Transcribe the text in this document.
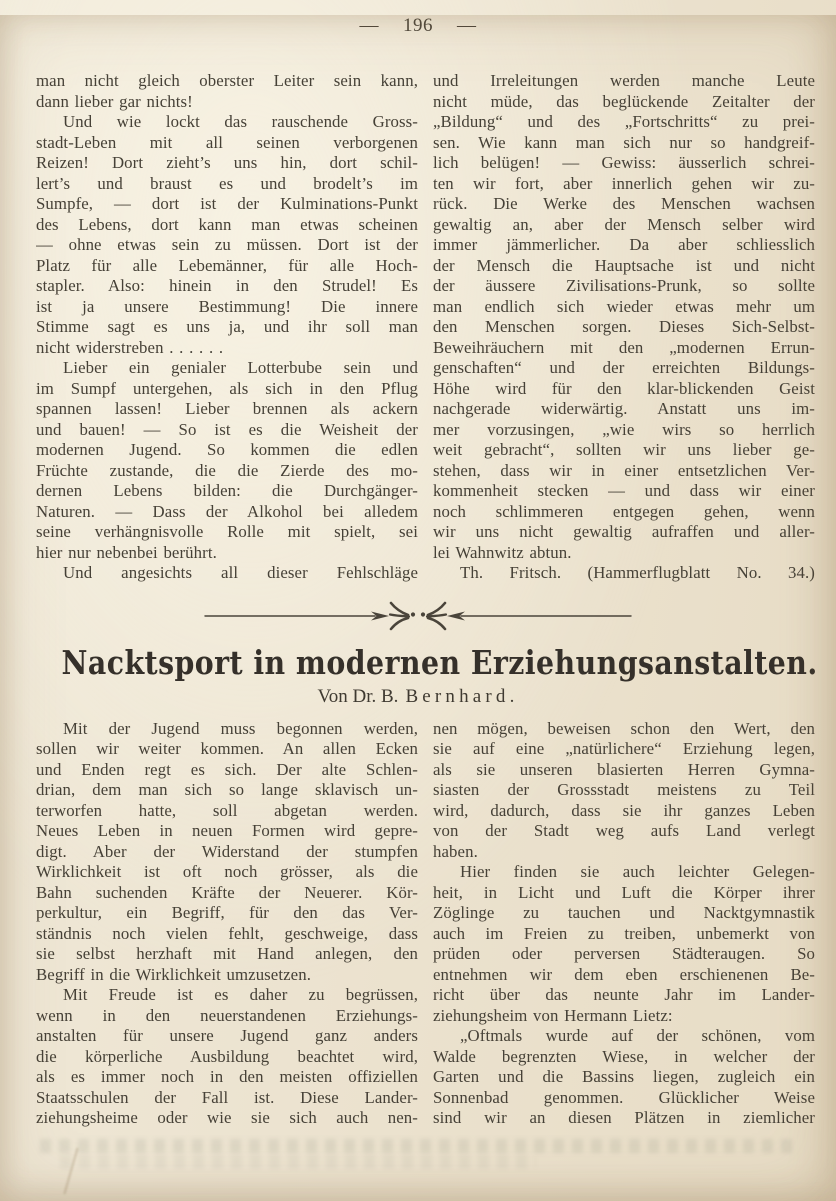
— 196 —
man nicht gleich oberster Leiter sein kann,
dann lieber gar nichts!
Und wie lockt das rauschende Gross-
stadt-Leben mit all seinen verborgenen
Reizen! Dort zieht’s uns hin, dort schil-
lert’s und braust es und brodelt’s im
Sumpfe, — dort ist der Kulminations-Punkt
des Lebens, dort kann man etwas scheinen
— ohne etwas sein zu müssen. Dort ist der
Platz für alle Lebemänner, für alle Hoch-
stapler. Also: hinein in den Strudel! Es
ist ja unsere Bestimmung! Die innere
Stimme sagt es uns ja, und ihr soll man
nicht widerstreben . . . . . .
Lieber ein genialer Lotterbube sein und
im Sumpf untergehen, als sich in den Pflug
spannen lassen! Lieber brennen als ackern
und bauen! — So ist es die Weisheit der
modernen Jugend. So kommen die edlen
Früchte zustande, die die Zierde des mo-
dernen Lebens bilden: die Durchgänger-
Naturen. — Dass der Alkohol bei alledem
seine verhängnisvolle Rolle mit spielt, sei
hier nur nebenbei berührt.
Und angesichts all dieser Fehlschläge
und Irreleitungen werden manche Leute
nicht müde, das beglückende Zeitalter der
„Bildung“ und des „Fortschritts“ zu prei-
sen. Wie kann man sich nur so handgreif-
lich belügen! — Gewiss: äusserlich schrei-
ten wir fort, aber innerlich gehen wir zu-
rück. Die Werke des Menschen wachsen
gewaltig an, aber der Mensch selber wird
immer jämmerlicher. Da aber schliesslich
der Mensch die Hauptsache ist und nicht
der äussere Zivilisations-Prunk, so sollte
man endlich sich wieder etwas mehr um
den Menschen sorgen. Dieses Sich-Selbst-
Beweihräuchern mit den „modernen Errun-
genschaften“ und der erreichten Bildungs-
Höhe wird für den klar-blickenden Geist
nachgerade widerwärtig. Anstatt uns im-
mer vorzusingen, „wie wirs so herrlich
weit gebracht“, sollten wir uns lieber ge-
stehen, dass wir in einer entsetzlichen Ver-
kommenheit stecken — und dass wir einer
noch schlimmeren entgegen gehen, wenn
wir uns nicht gewaltig aufraffen und aller-
lei Wahnwitz abtun.
Th. Fritsch. (Hammerflugblatt No. 34.)
Nacktsport in modernen Erziehungsanstalten.
Von Dr. B. Bernhard.
Mit der Jugend muss begonnen werden,
sollen wir weiter kommen. An allen Ecken
und Enden regt es sich. Der alte Schlen-
drian, dem man sich so lange sklavisch un-
terworfen hatte, soll abgetan werden.
Neues Leben in neuen Formen wird gepre-
digt. Aber der Widerstand der stumpfen
Wirklichkeit ist oft noch grösser, als die
Bahn suchenden Kräfte der Neuerer. Kör-
perkultur, ein Begriff, für den das Ver-
ständnis noch vielen fehlt, geschweige, dass
sie selbst herzhaft mit Hand anlegen, den
Begriff in die Wirklichkeit umzusetzen.
Mit Freude ist es daher zu begrüssen,
wenn in den neuerstandenen Erziehungs-
anstalten für unsere Jugend ganz anders
die körperliche Ausbildung beachtet wird,
als es immer noch in den meisten offiziellen
Staatsschulen der Fall ist. Diese Lander-
ziehungsheime oder wie sie sich auch nen-
nen mögen, beweisen schon den Wert, den
sie auf eine „natürlichere“ Erziehung legen,
als sie unseren blasierten Herren Gymna-
siasten der Grossstadt meistens zu Teil
wird, dadurch, dass sie ihr ganzes Leben
von der Stadt weg aufs Land verlegt
haben.
Hier finden sie auch leichter Gelegen-
heit, in Licht und Luft die Körper ihrer
Zöglinge zu tauchen und Nacktgymnastik
auch im Freien zu treiben, unbemerkt von
prüden oder perversen Städteraugen. So
entnehmen wir dem eben erschienenen Be-
richt über das neunte Jahr im Lander-
ziehungsheim von Hermann Lietz:
„Oftmals wurde auf der schönen, vom
Walde begrenzten Wiese, in welcher der
Garten und die Bassins liegen, zugleich ein
Sonnenbad genommen. Glücklicher Weise
sind wir an diesen Plätzen in ziemlicher
